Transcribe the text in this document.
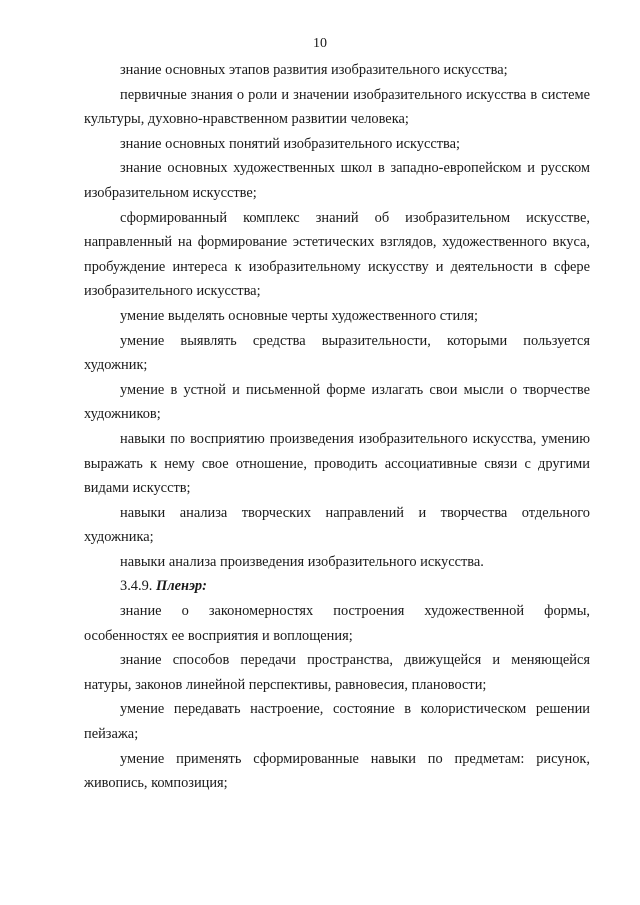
10

знание основных этапов развития изобразительного искусства;

первичные знания о роли и значении изобразительного искусства в системе культуры, духовно-нравственном развитии человека;

знание основных понятий изобразительного искусства;

знание основных художественных школ в западно-европейском и русском изобразительном искусстве;

сформированный комплекс знаний об изобразительном искусстве, направленный на формирование эстетических взглядов, художественного вкуса, пробуждение интереса к изобразительному искусству и деятельности в сфере изобразительного искусства;

умение выделять основные черты художественного стиля;

умение выявлять средства выразительности, которыми пользуется художник;

умение в устной и письменной форме излагать свои мысли о творчестве художников;

навыки по восприятию произведения изобразительного искусства, умению выражать к нему свое отношение, проводить ассоциативные связи с другими видами искусств;

навыки анализа творческих направлений и творчества отдельного художника;

навыки анализа произведения изобразительного искусства.

3.4.9. Пленэр:

знание о закономерностях построения художественной формы, особенностях ее восприятия и воплощения;

знание способов передачи пространства, движущейся и меняющейся натуры, законов линейной перспективы, равновесия, плановости;

умение передавать настроение, состояние в колористическом решении пейзажа;

умение применять сформированные навыки по предметам: рисунок, живопись, композиция;
